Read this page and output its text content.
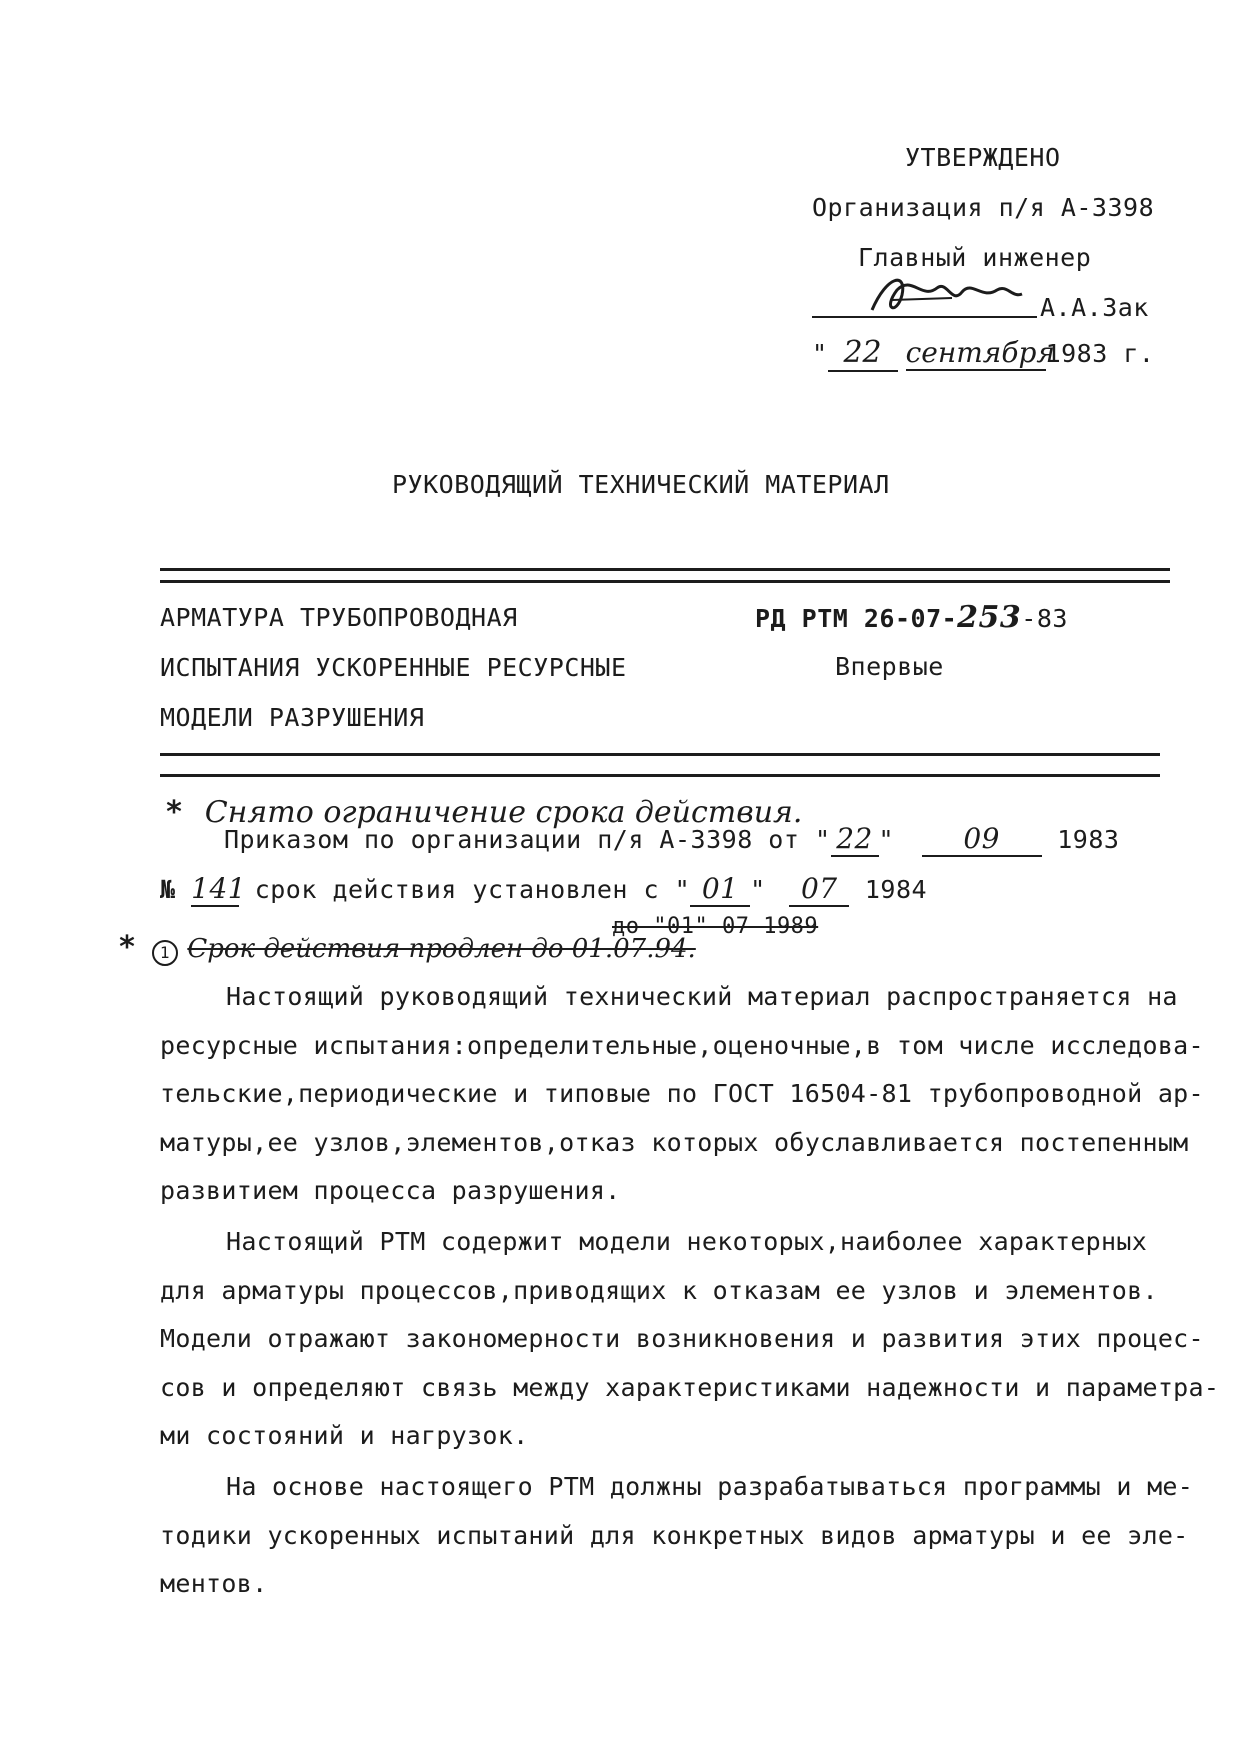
УТВЕРЖДЕНО
Организация п/я А-3398
Главный инженер
А.А.Зак
" 22 сентября1983 г.
РУКОВОДЯЩИЙ ТЕХНИЧЕСКИЙ МАТЕРИАЛ
АРМАТУРА ТРУБОПРОВОДНАЯ
ИСПЫТАНИЯ УСКОРЕННЫЕ РЕСУРСНЫЕ
МОДЕЛИ РАЗРУШЕНИЯ
РД РТМ 26-07-253-83
Впервые
* Снято ограничение срока действия.
Приказом по организации п/я А-3398 от " 22 " 09 1983
№ 141 срок действия установлен с " 01 " 07 1984
до "01" 07 1989
* 1 Срок действия продлен до 01.07.94.
Настоящий руководящий технический материал распространяется на
ресурсные испытания:определительные,оценочные,в том числе исследова-
тельские,периодические и типовые по ГОСТ 16504-81 трубопроводной ар-
матуры,ее узлов,элементов,отказ которых обуславливается постепенным
развитием процесса разрушения.
Настоящий РТМ содержит модели некоторых,наиболее характерных
для арматуры процессов,приводящих к отказам ее узлов и элементов.
Модели отражают закономерности возникновения и развития этих процес-
сов и определяют связь между характеристиками надежности и параметра-
ми состояний и нагрузок.
На основе настоящего РТМ должны разрабатываться программы и ме-
тодики ускоренных испытаний для конкретных видов арматуры и ее эле-
ментов.
